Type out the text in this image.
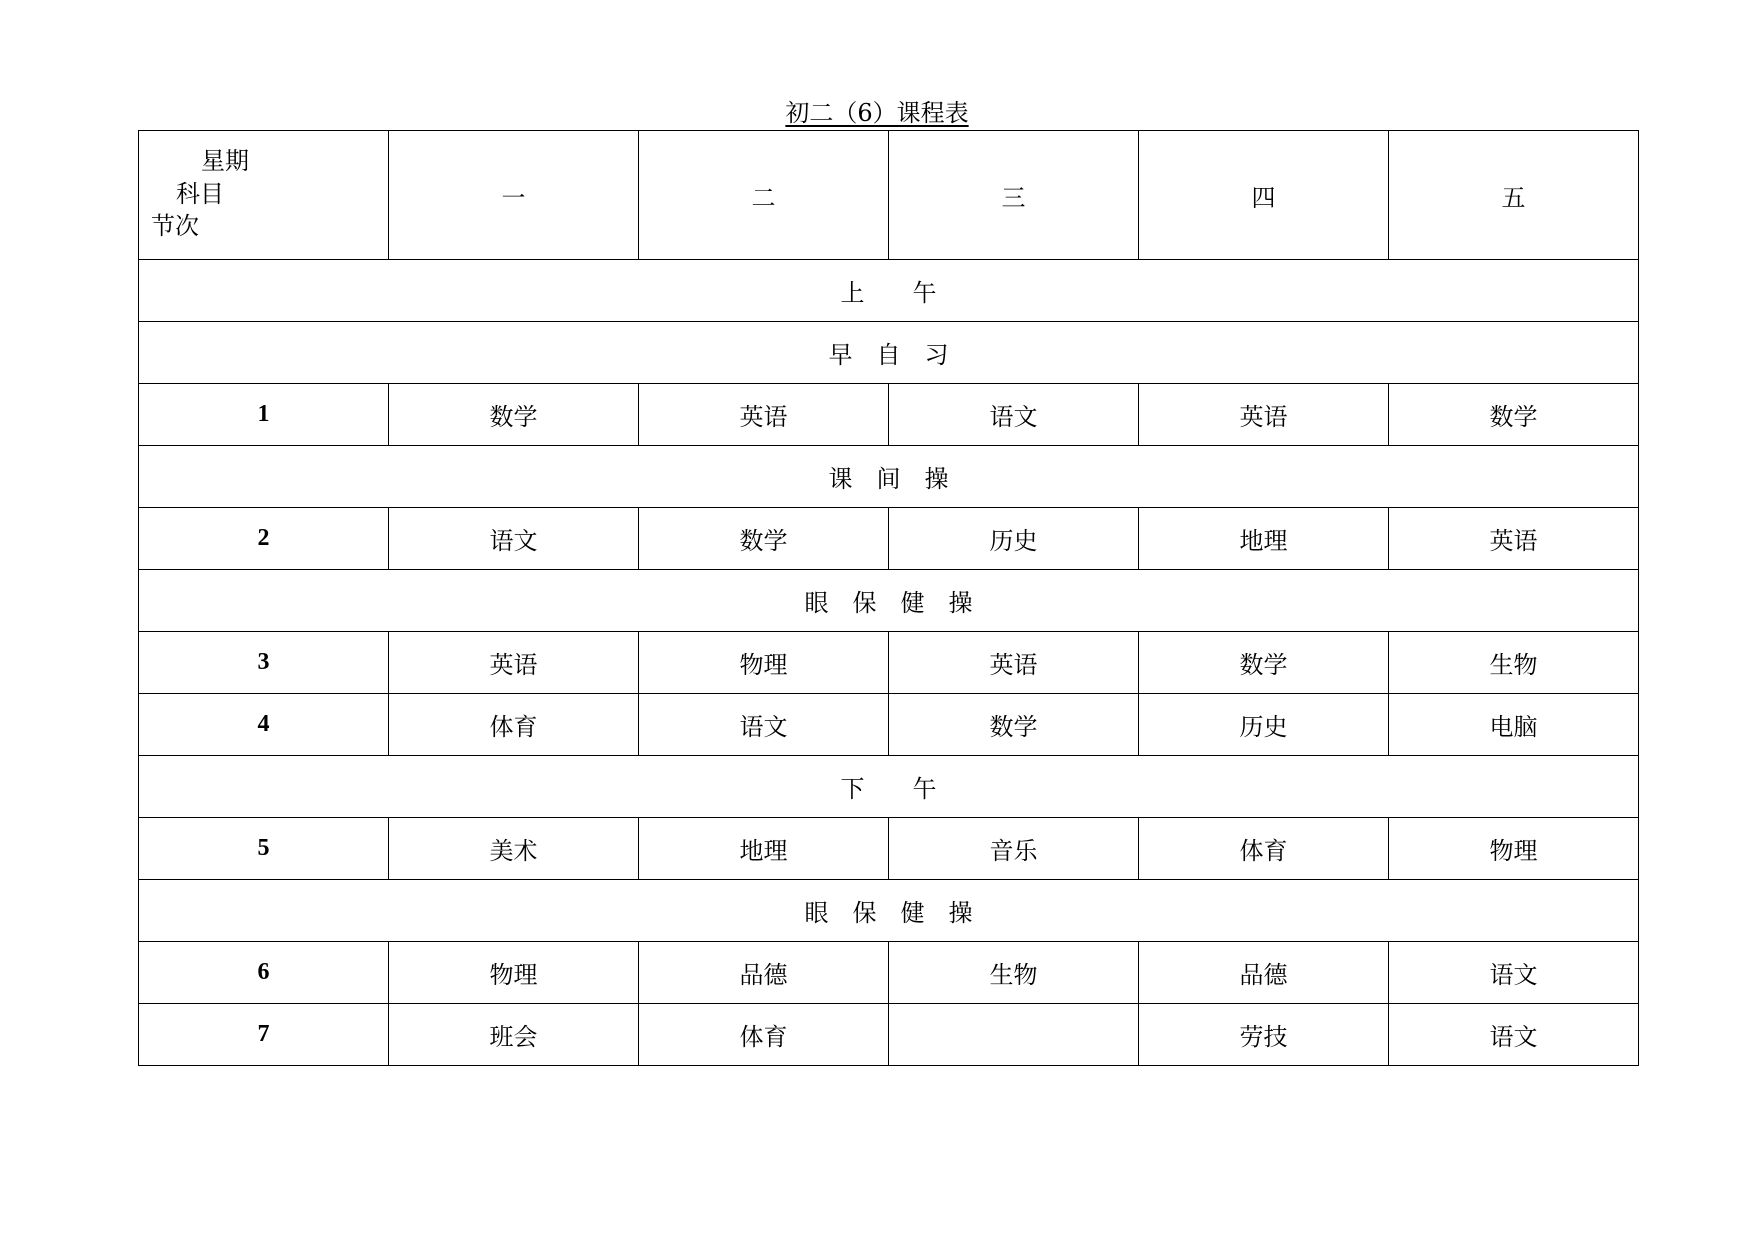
初二（6）课程表
星期
科目
节次	一	二	三	四	五
上　　午					
早　自　习					
1	数学	英语	语文	英语	数学
课　间　操					
2	语文	数学	历史	地理	英语
眼　保　健　操					
3	英语	物理	英语	数学	生物
4	体育	语文	数学	历史	电脑
下　　午					
5	美术	地理	音乐	体育	物理
眼　保　健　操					
6	物理	品德	生物	品德	语文
7	班会	体育		劳技	语文
